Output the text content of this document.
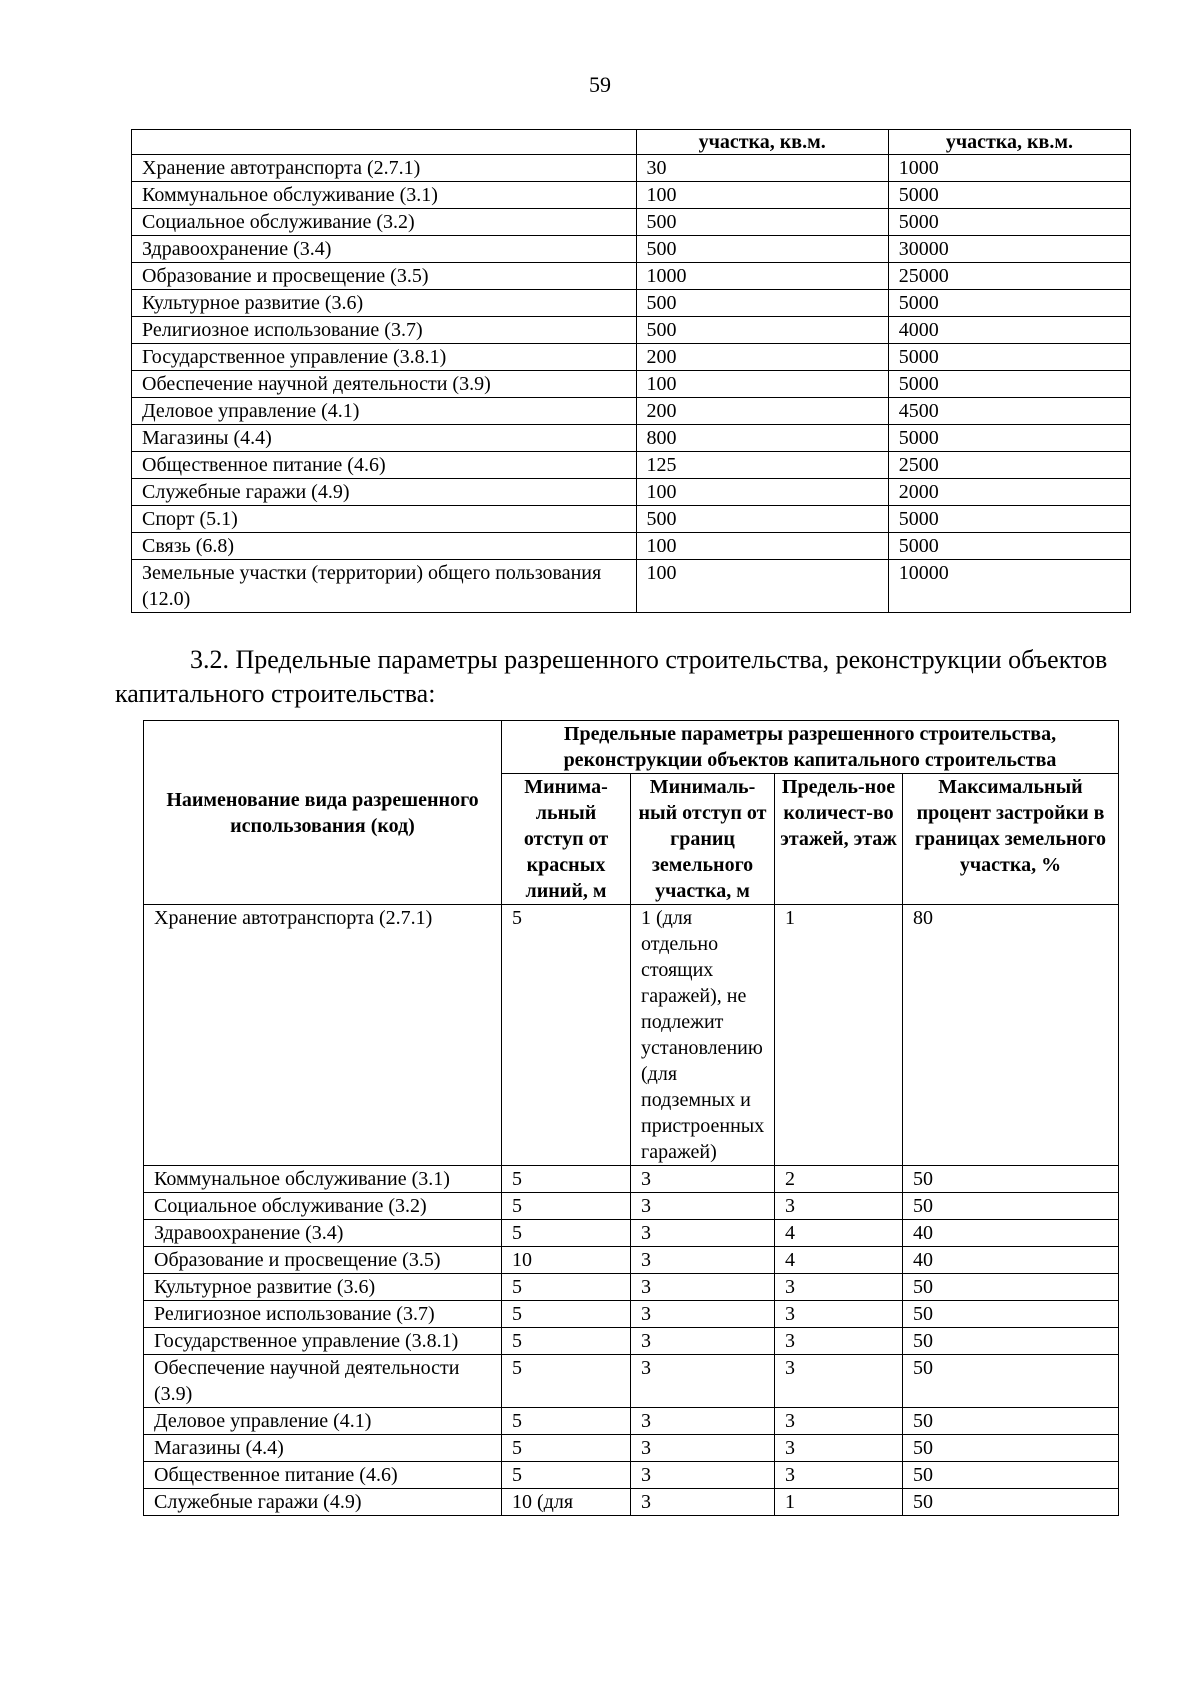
59
	участка, кв.м.	участка, кв.м.
Хранение автотранспорта (2.7.1)	30	1000
Коммунальное обслуживание (3.1)	100	5000
Социальное обслуживание (3.2)	500	5000
Здравоохранение (3.4)	500	30000
Образование и просвещение (3.5)	1000	25000
Культурное развитие (3.6)	500	5000
Религиозное использование (3.7)	500	4000
Государственное управление (3.8.1)	200	5000
Обеспечение научной деятельности (3.9)	100	5000
Деловое управление (4.1)	200	4500
Магазины (4.4)	800	5000
Общественное питание (4.6)	125	2500
Служебные гаражи (4.9)	100	2000
Спорт (5.1)	500	5000
Связь (6.8)	100	5000
Земельные участки (территории) общего пользования (12.0)	100	10000
3.2. Предельные параметры разрешенного строительства, реконструкции объектов капитального строительства:
Наименование вида разрешенного использования (код)	Предельные параметры разрешенного строительства, реконструкции объектов капитального строительства			
	Минима-льный отступ от красных линий, м	Минималь-ный отступ от границ земельного участка, м	Предель-ное количест-во этажей, этаж	Максимальный процент застройки в границах земельного участка, %
Хранение автотранспорта (2.7.1)	5	1 (для отдельно стоящих гаражей), не подлежит установлению (для подземных и пристроенных гаражей)	1	80
Коммунальное обслуживание (3.1)	5	3	2	50
Социальное обслуживание (3.2)	5	3	3	50
Здравоохранение (3.4)	5	3	4	40
Образование и просвещение (3.5)	10	3	4	40
Культурное развитие (3.6)	5	3	3	50
Религиозное использование (3.7)	5	3	3	50
Государственное управление (3.8.1)	5	3	3	50
Обеспечение научной деятельности (3.9)	5	3	3	50
Деловое управление (4.1)	5	3	3	50
Магазины (4.4)	5	3	3	50
Общественное питание (4.6)	5	3	3	50
Служебные гаражи (4.9)	10 (для	3	1	50
